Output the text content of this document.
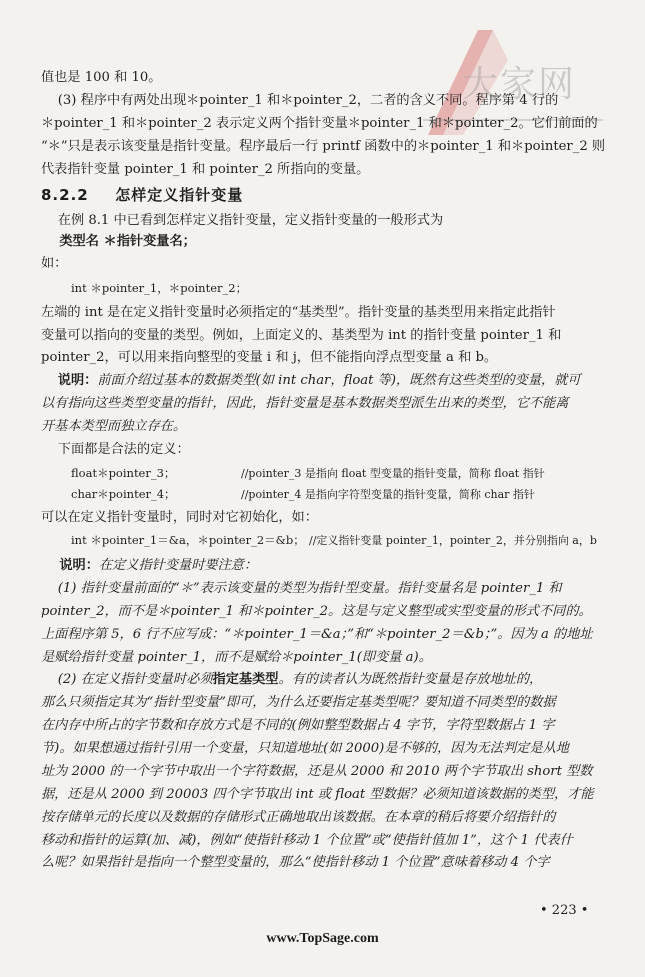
大家网

值也是 100 和 10。

(3) 程序中有两处出现＊pointer_1 和＊pointer_2，二者的含义不同。程序第 4 行的

＊pointer_1 和＊pointer_2 表示定义两个指针变量＊pointer_1 和＊pointer_2。它们前面的

“＊”只是表示该变量是指针变量。程序最后一行 printf 函数中的＊pointer_1 和＊pointer_2 则

代表指针变量 pointer_1 和 pointer_2 所指向的变量。

8.2.2 怎样定义指针变量

在例 8.1 中已看到怎样定义指针变量，定义指针变量的一般形式为

类型名 ＊指针变量名；

如：

int ＊pointer_1，＊pointer_2；

左端的 int 是在定义指针变量时必须指定的“基类型”。指针变量的基类型用来指定此指针

变量可以指向的变量的类型。例如，上面定义的、基类型为 int 的指针变量 pointer_1 和

pointer_2，可以用来指向整型的变量 i 和 j，但不能指向浮点型变量 a 和 b。

说明：前面介绍过基本的数据类型(如 int char，float 等)，既然有这些类型的变量，就可

以有指向这些类型变量的指针，因此，指针变量是基本数据类型派生出来的类型，它不能离

开基本类型而独立存在。

下面都是合法的定义：

float＊pointer_3；	//pointer_3 是指向 float 型变量的指针变量，简称 float 指针
char＊pointer_4；	//pointer_4 是指向字符型变量的指针变量，简称 char 指针

可以在定义指针变量时，同时对它初始化，如：

int ＊pointer_1＝&a，＊pointer_2＝&b； //定义指针变量 pointer_1，pointer_2，并分别指向 a，b

说明：在定义指针变量时要注意：

(1) 指针变量前面的“＊”表示该变量的类型为指针型变量。指针变量名是 pointer_1 和

pointer_2，而不是＊pointer_1 和＊pointer_2。这是与定义整型或实型变量的形式不同的。

上面程序第 5，6 行不应写成：“＊pointer_1＝&a；”和“＊pointer_2＝&b；”。因为 a 的地址

是赋给指针变量 pointer_1，而不是赋给＊pointer_1(即变量 a)。

(2) 在定义指针变量时必须指定基类型。有的读者认为既然指针变量是存放地址的，

那么只须指定其为“指针型变量”即可，为什么还要指定基类型呢？要知道不同类型的数据

在内存中所占的字节数和存放方式是不同的(例如整型数据占 4 字节，字符型数据占 1 字

节)。如果想通过指针引用一个变量，只知道地址(如 2000)是不够的，因为无法判定是从地

址为 2000 的一个字节中取出一个字符数据，还是从 2000 和 2010 两个字节取出 short 型数

据，还是从 2000 到 20003 四个字节取出 int 或 float 型数据？必须知道该数据的类型，才能

按存储单元的长度以及数据的存储形式正确地取出该数据。在本章的稍后将要介绍指针的

移动和指针的运算(加、减)，例如“使指针移动 1 个位置”或“使指针值加 1”，这个 1 代表什

么呢？如果指针是指向一个整型变量的，那么“使指针移动 1 个位置”意味着移动 4 个字

• 223 •
www.TopSage.com
